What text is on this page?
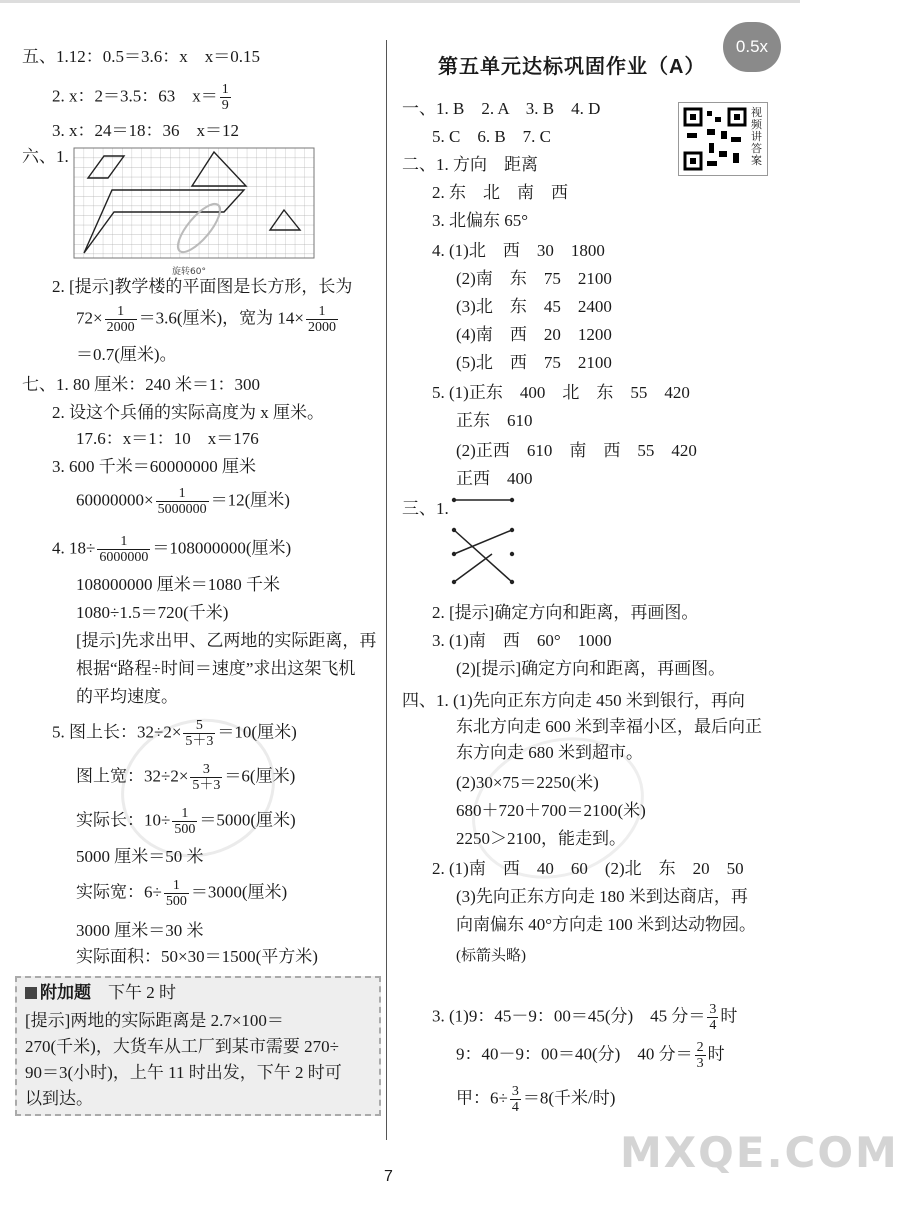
0.5x
五、1.12：0.5＝3.6：x　x＝0.15
2. x：2＝3.5：63　$x= \frac{1}{9}$
3. x：24＝18：36　x＝12
六、1.
旋转60°
2. [提示]教学楼的平面图是长方形，长为
$72\times \frac{1}{2000} =3.6$(厘米)，宽为 $14\times \frac{1}{2000}$
＝0.7(厘米)。
七、1. 80 厘米：240 米＝1：300
2. 设这个兵俑的实际高度为 x 厘米。
17.6：x＝1：10　x＝176
3. 600 千米＝60000000 厘米
$60000000\times \frac{1}{5000000} =12$(厘米)
4. $18\div \frac{1}{6000000} =108000000$(厘米)
108000000 厘米＝1080 千米
1080÷1.5＝720(千米)
[提示]先求出甲、乙两地的实际距离，再
根据“路程÷时间＝速度”求出这架飞机
的平均速度。
5. 图上长：$32\div 2\times \frac{5}{5+3} =10$(厘米)
图上宽：$32\div 2\times \frac{3}{5+3} =6$(厘米)
实际长：$10\div \frac{1}{500} =5000$(厘米)
5000 厘米＝50 米
实际宽：$6\div \frac{1}{500} =3000$(厘米)
3000 厘米＝30 米
实际面积：50×30＝1500(平方米)
附加题　 下午 2 时
[提示]两地的实际距离是 2.7×100＝
270(千米)，大货车从工厂到某市需要 270÷
90＝3(小时)，上午 11 时出发，下午 2 时可
以到达。
第五单元达标巩固作业（A）
视频讲答案
一、1. B　2. A　3. B　4. D
5. C　6. B　7. C
二、1. 方向　距离
2. 东　北　南　西
3. 北偏东 65°
4. (1)北　西　30　1800
(2)南　东　75　2100
(3)北　东　45　2400
(4)南　西　20　1200
(5)北　西　75　2100
5. (1)正东　400　北　东　55　420
正东　610
(2)正西　610　南　西　55　420
正西　400
三、1.
2. [提示]确定方向和距离，再画图。
3. (1)南　西　60°　1000
(2)[提示]确定方向和距离，再画图。
四、1. (1)先向正东方向走 450 米到银行，再向
东北方向走 600 米到幸福小区，最后向正
东方向走 680 米到超市。
(2)30×75＝2250(米)
680＋720＋700＝2100(米)
2250＞2100，能走到。
2. (1)南　西　40　60　(2)北　东　20　50
(3)先向正东方向走 180 米到达商店，再
向南偏东 40°方向走 100 米到达动物园。
(标箭头略)
3. (1)9：45－9：00＝45(分)　45 分＝ $\frac{3}{4}$ 时
9：40－9：00＝40(分)　40 分＝ $\frac{2}{3}$ 时
甲：$6\div \frac{3}{4} =8$(千米/时)
7	MXQE.COM
